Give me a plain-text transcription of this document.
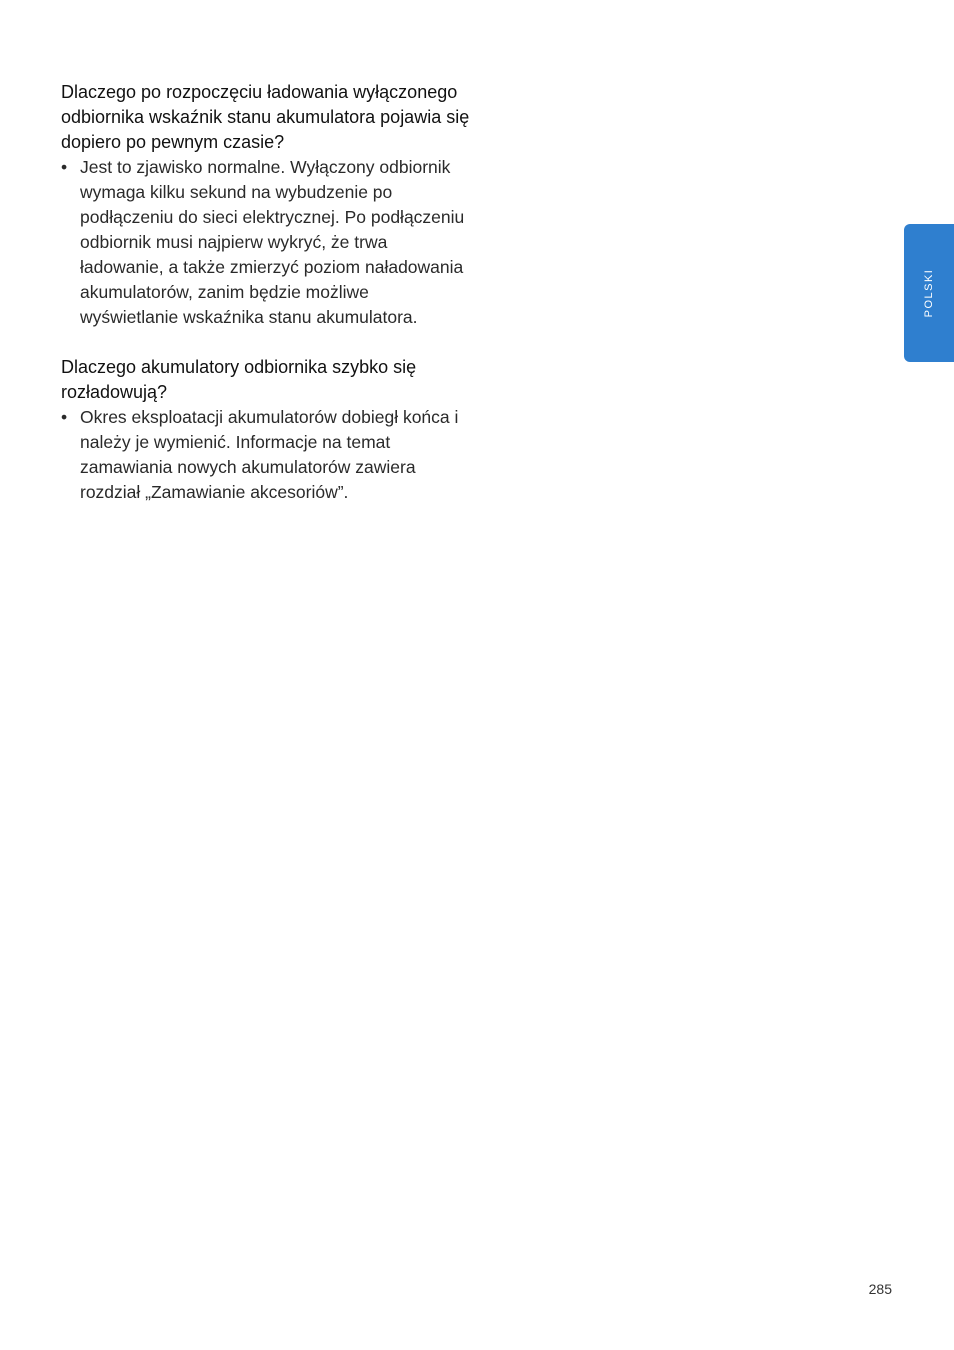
Dlaczego po rozpoczęciu ładowania wyłączonego odbiornika wskaźnik stanu akumulatora pojawia się dopiero po pewnym czasie?
• Jest to zjawisko normalne. Wyłączony odbiornik wymaga kilku sekund na wybudzenie po podłączeniu do sieci elektrycznej. Po podłączeniu odbiornik musi najpierw wykryć, że trwa ładowanie, a także zmierzyć poziom naładowania akumulatorów, zanim będzie możliwe wyświetlanie wskaźnika stanu akumulatora.
Dlaczego akumulatory odbiornika szybko się rozładowują?
• Okres eksploatacji akumulatorów dobiegł końca i należy je wymienić. Informacje na temat zamawiania nowych akumulatorów zawiera rozdział „Zamawianie akcesoriów”.
POLSKI
285
